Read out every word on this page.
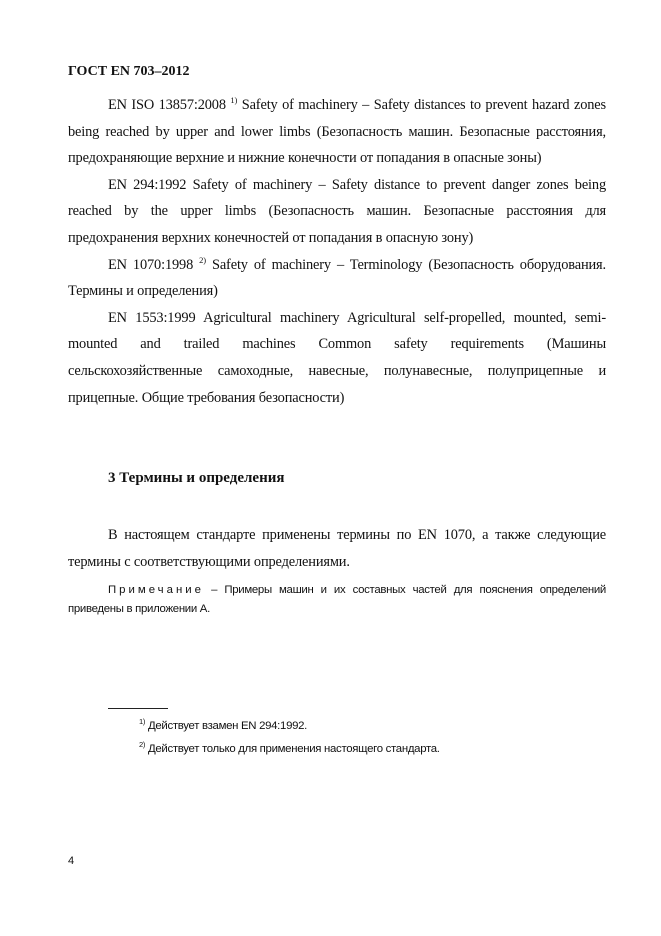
ГОСТ EN 703–2012

EN ISO 13857:2008 $^{1)}$ Safety of machinery – Safety distances to prevent hazard zones being reached by upper and lower limbs (Безопасность машин. Безопасные расстояния, предохраняющие верхние и нижние конечности от попадания в опасные зоны)

EN 294:1992 Safety of machinery – Safety distance to prevent danger zones being reached by the upper limbs (Безопасность машин. Безопасные расстояния для предохранения верхних конечностей от попадания в опасную зону)

EN 1070:1998 $^{2)}$ Safety of machinery – Terminology (Безопасность оборудования. Термины и определения)

EN 1553:1999 Agricultural machinery Agricultural self-propelled, mounted, semi-mounted and trailed machines Common safety requirements (Машины сельскохозяйственные самоходные, навесные, полунавесные, полуприцепные и прицепные. Общие требования безопасности)

3 Термины и определения

В настоящем стандарте применены термины по EN 1070, а также следующие термины с соответствующими определениями.

Примечание – Примеры машин и их составных частей для пояснения определений приведены в приложении А.
$^{1)}$ Действует взамен EN 294:1992.
$^{2)}$ Действует только для применения настоящего стандарта.
4
